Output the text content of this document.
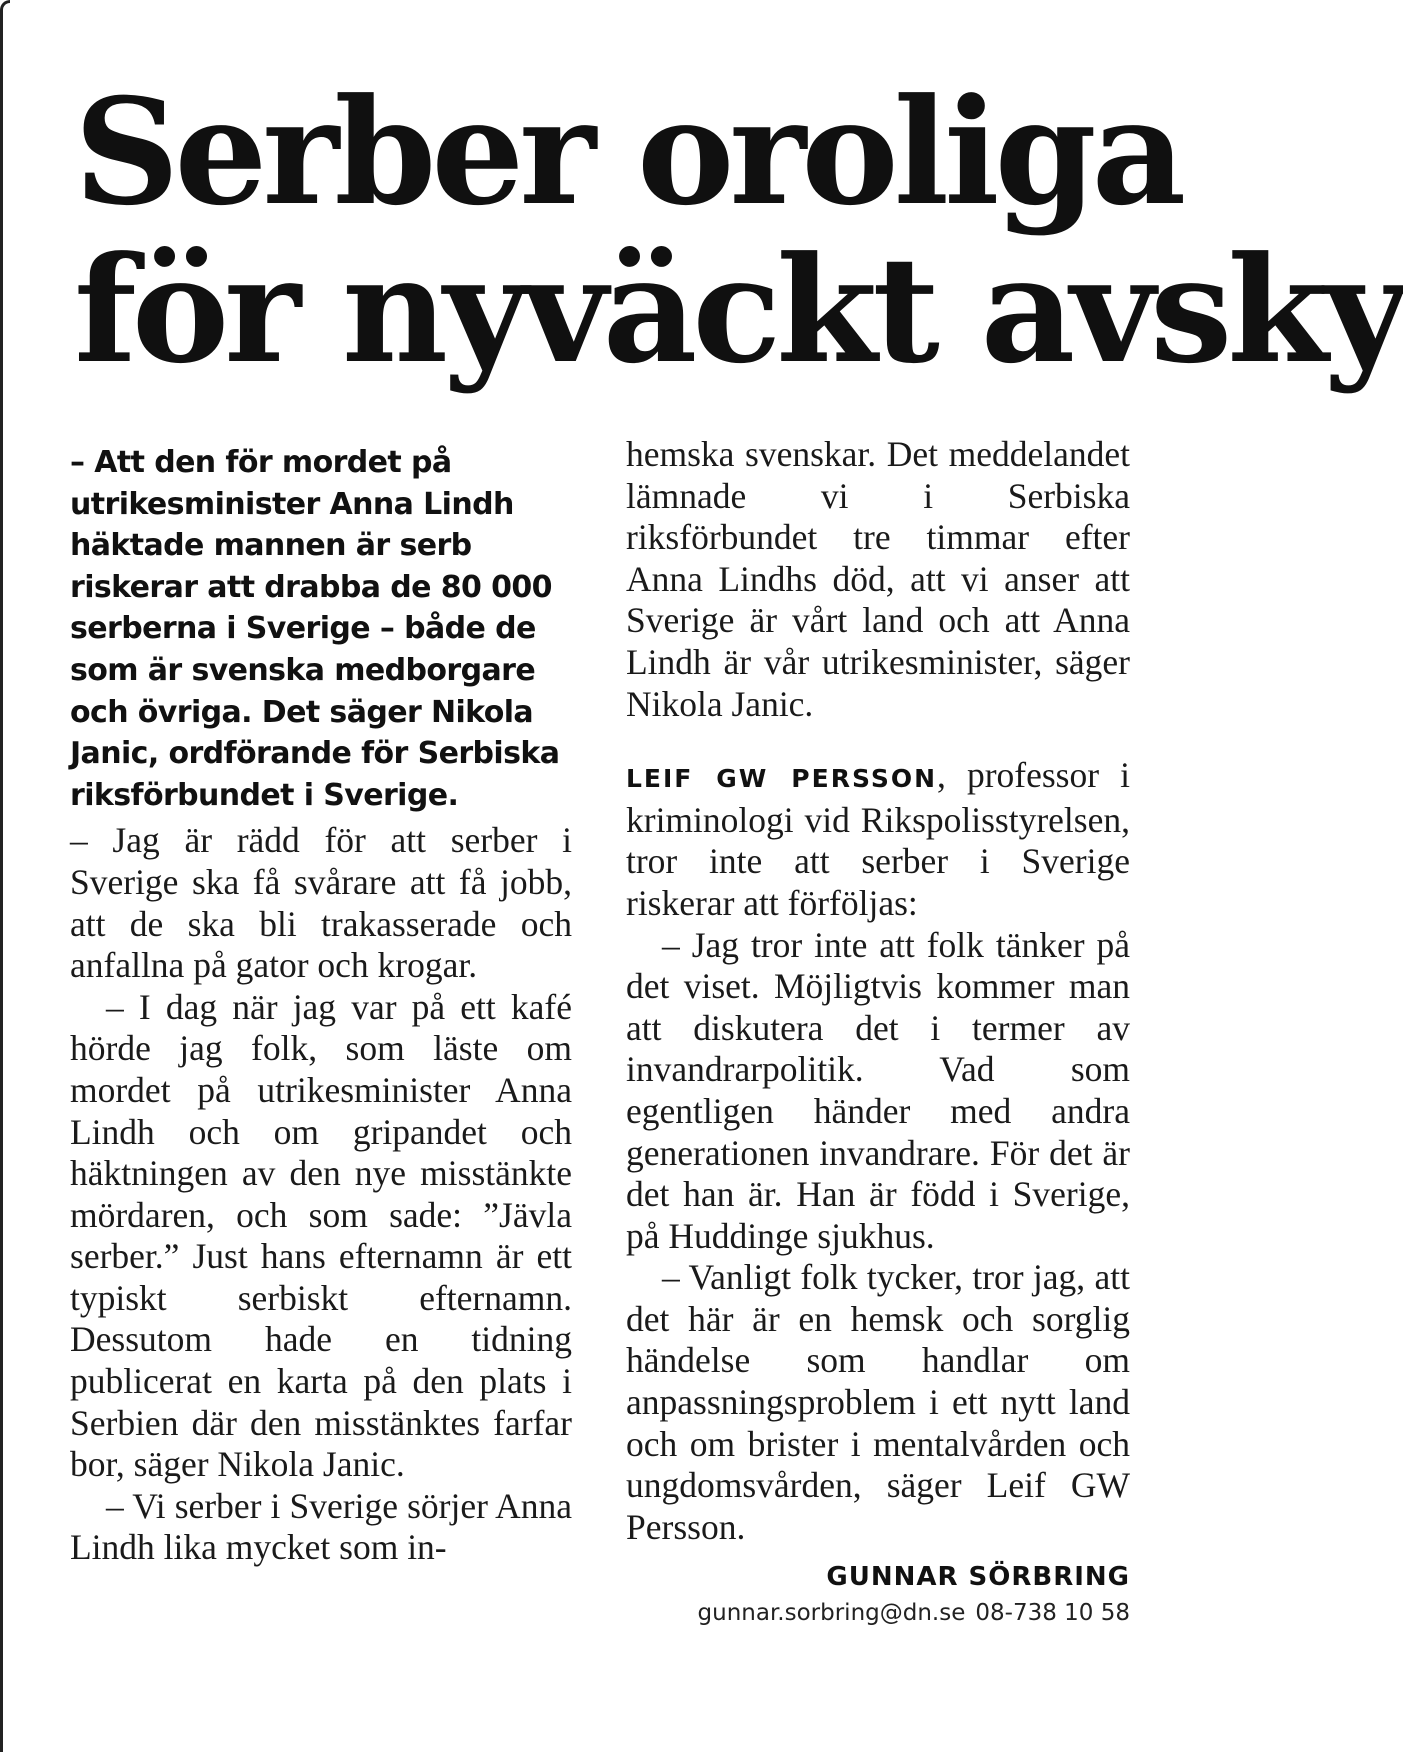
Serber oroliga
för nyväckt avsky

– Att den för mordet på utrikesminister Anna Lindh häktade mannen är serb riskerar att drabba de 80 000 serberna i Sverige – både de som är svenska medborgare och övriga. Det säger Nikola Janic, ordförande för Serbiska riksförbundet i Sverige.

– Jag är rädd för att serber i Sverige ska få svårare att få jobb, att de ska bli trakasserade och anfallna på gator och krogar.

– I dag när jag var på ett kafé hörde jag folk, som läste om mordet på utrikesminister Anna Lindh och om gripandet och häktningen av den nye misstänkte mördaren, och som sade: ”Jävla serber.” Just hans efternamn är ett typiskt serbiskt efternamn. Dessutom hade en tidning publicerat en karta på den plats i Serbien där den misstänktes farfar bor, säger Nikola Janic.

– Vi serber i Sverige sörjer Anna Lindh lika mycket som in-

hemska svenskar. Det meddelandet lämnade vi i Serbiska riksförbundet tre timmar efter Anna Lindhs död, att vi anser att Sverige är vårt land och att Anna Lindh är vår utrikesminister, säger Nikola Janic.

LEIF GW PERSSON, professor i kriminologi vid Rikspolisstyrelsen, tror inte att serber i Sverige riskerar att förföljas:

– Jag tror inte att folk tänker på det viset. Möjligtvis kommer man att diskutera det i termer av invandrarpolitik. Vad som egentligen händer med andra generationen invandrare. För det är det han är. Han är född i Sverige, på Huddinge sjukhus.

– Vanligt folk tycker, tror jag, att det här är en hemsk och sorglig händelse som handlar om anpassningsproblem i ett nytt land och om brister i mentalvården och ungdomsvården, säger Leif GW Persson.

GUNNAR SÖRBRING
gunnar.sorbring@dn.se 08-738 10 58
